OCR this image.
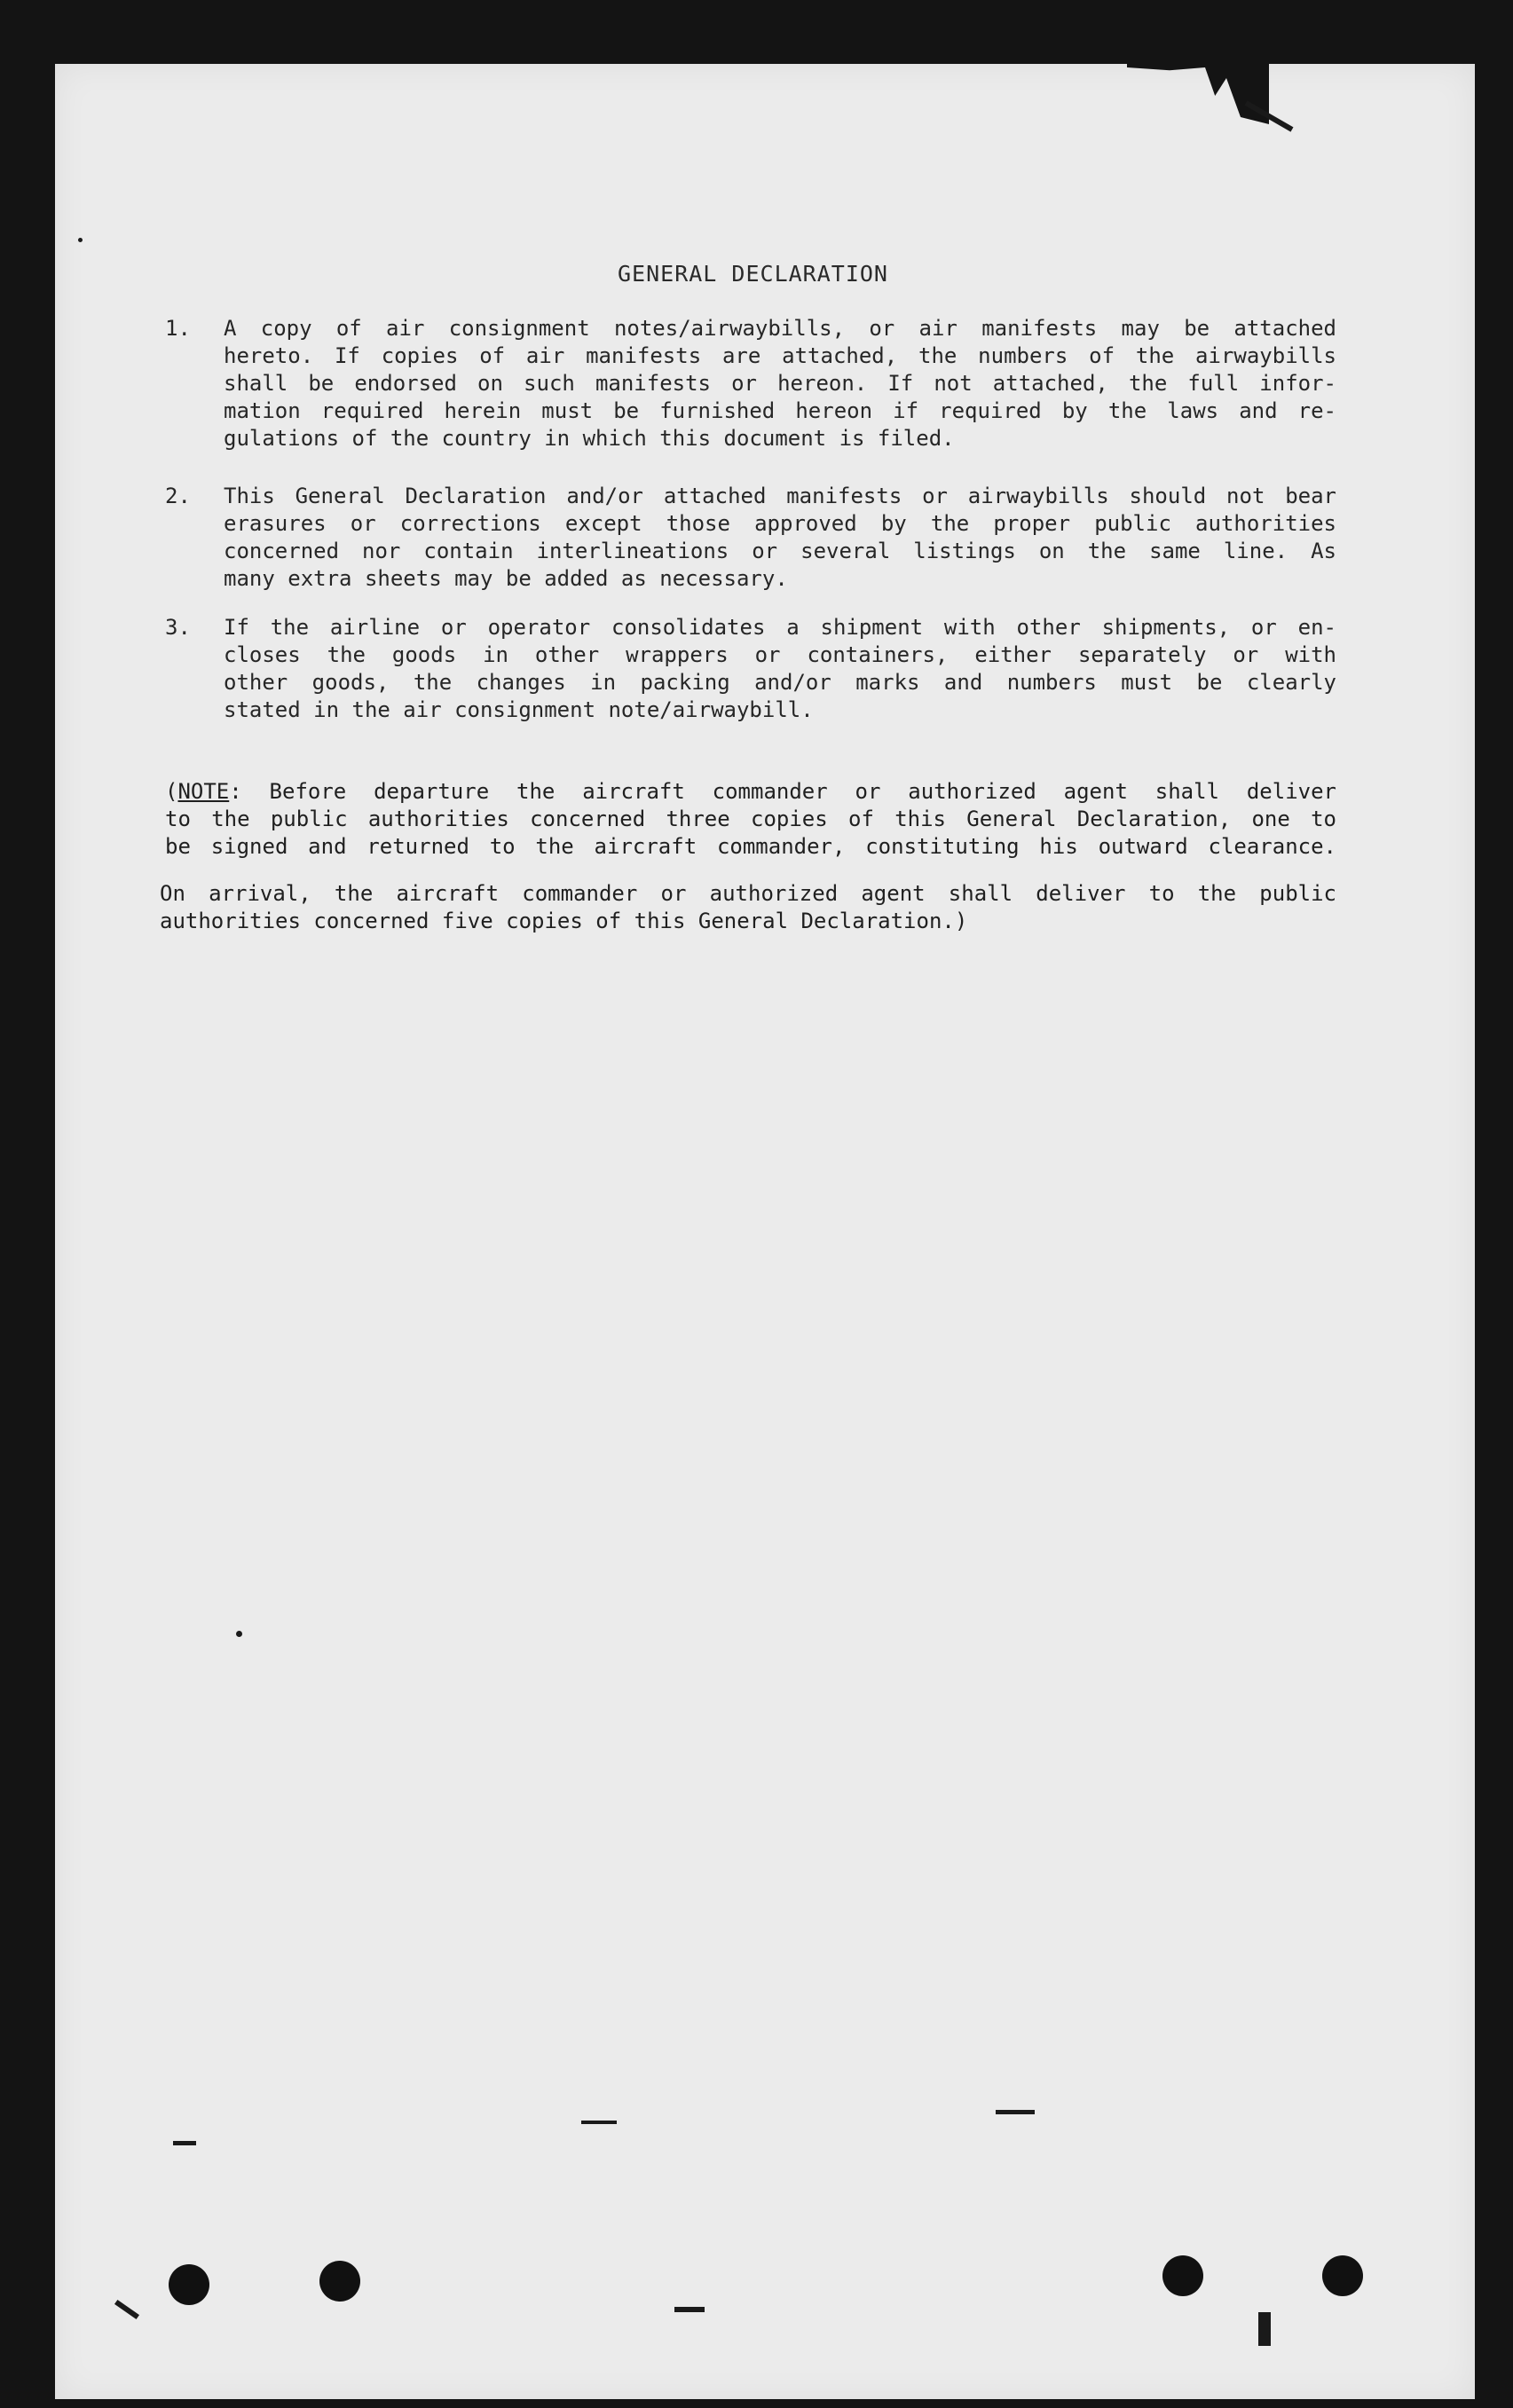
GENERAL DECLARATION
1. A copy of air consignment notes/airwaybills, or air manifests may be attached
hereto. If copies of air manifests are attached, the numbers of the airwaybills
shall be endorsed on such manifests or hereon. If not attached, the full infor-
mation required herein must be furnished hereon if required by the laws and re-
gulations of the country in which this document is filed.
2. This General Declaration and/or attached manifests or airwaybills should not bear
erasures or corrections except those approved by the proper public authorities
concerned nor contain interlineations or several listings on the same line. As
many extra sheets may be added as necessary.
3. If the airline or operator consolidates a shipment with other shipments, or en-
closes the goods in other wrappers or containers, either separately or with
other goods, the changes in packing and/or marks and numbers must be clearly
stated in the air consignment note/airwaybill.
(NOTE: Before departure the aircraft commander or authorized agent shall deliver
to the public authorities concerned three copies of this General Declaration, one to
be signed and returned to the aircraft commander, constituting his outward clearance.
On arrival, the aircraft commander or authorized agent shall deliver to the public
authorities concerned five copies of this General Declaration.)
